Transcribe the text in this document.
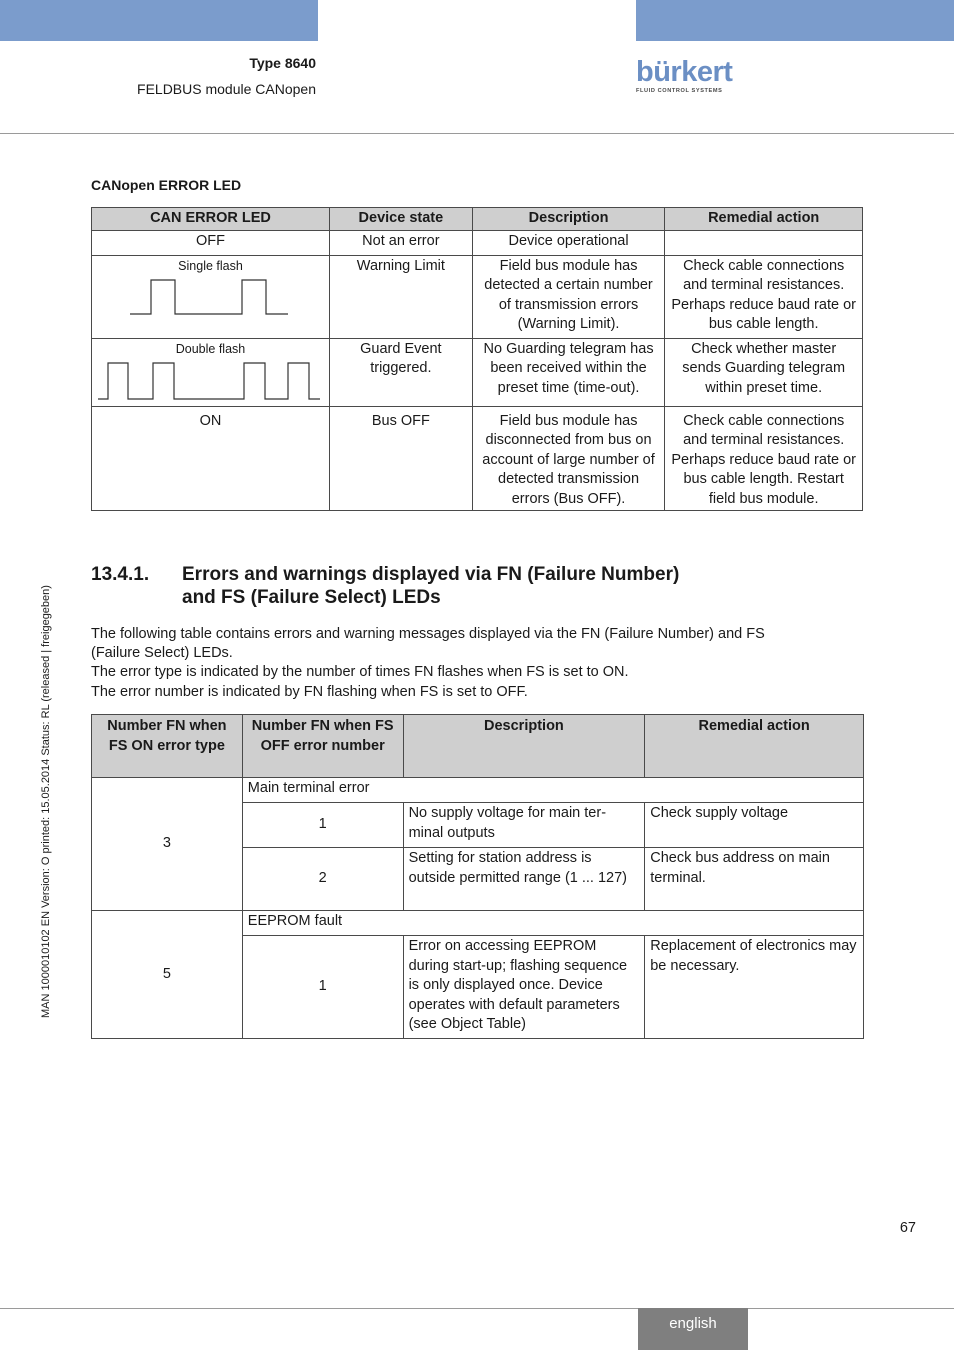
Type 8640
FELDBUS module CANopen
bürkert
FLUID CONTROL SYSTEMS
MAN 1000010102 EN Version: O printed: 15.05.2014 Status: RL (released | freigegeben)
CANopen ERROR LED
CAN ERROR LED	Device state	Description	Remedial action
OFF	Not an error	Device operational	

Single flash	Warning Limit	Field bus module has detected a certain number of transmission errors (Warning Limit).	Check cable connections and terminal resistances. Perhaps reduce baud rate or bus cable length.

Double flash	Guard Event triggered.	No Guarding telegram has been received within the preset time (time-out).	Check whether master sends Guarding telegram within preset time.
ON	Bus OFF	Field bus module has disconnected from bus on account of large number of detected transmission errors (Bus OFF).	Check cable connections and terminal resistances. Perhaps reduce baud rate or bus cable length. Restart field bus module.
13.4.1. Errors and warnings displayed via FN (Failure Number)
and FS (Failure Select) LEDs
The following table contains errors and warning messages displayed via the FN (Failure Number) and FS
(Failure Select) LEDs.
The error type is indicated by the number of times FN flashes when FS is set to ON.
The error number is indicated by FN flashing when FS is set to OFF.
Number FN when FS ON error type	Number FN when FS OFF error number	Description	Remedial action
3	Main terminal error		
	1	No supply voltage for main ter- minal outputs	Check supply voltage
	2	Setting for station address is outside permitted range (1 ... 127)	Check bus address on main terminal.
5	EEPROM fault		
	1	Error on accessing EEPROM during start-up; flashing sequence is only displayed once. Device operates with default parameters (see Object Table)	Replacement of electronics may be necessary.
67
english
